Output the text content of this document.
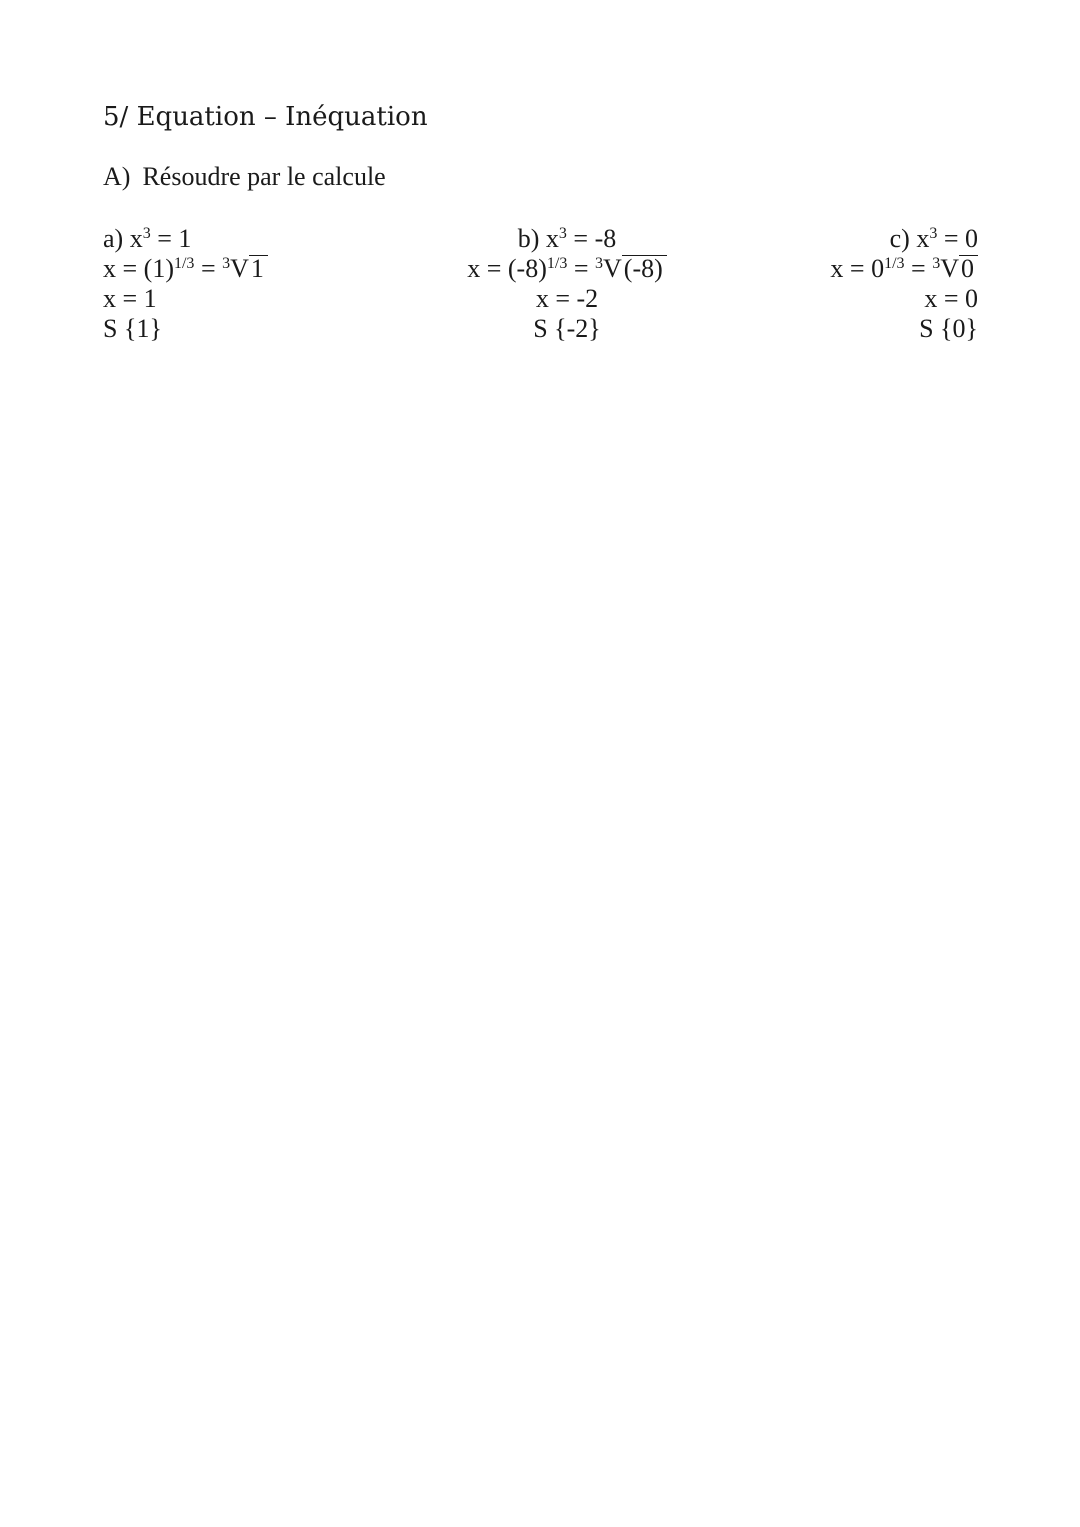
5/ Equation – Inéquation
A) Résoudre par le calcule
a) $x^3 = 1$
$x = (1)^{1/3} = ^3V1$
x = 1
S {1}
b) $x^3 = -8$
$x = (-8)^{1/3} = ^3V(-8)$
x = -2
S {-2}
c) $x^3 = 0$
$x = 0^{1/3} = ^3V0$
x = 0
S {0}
